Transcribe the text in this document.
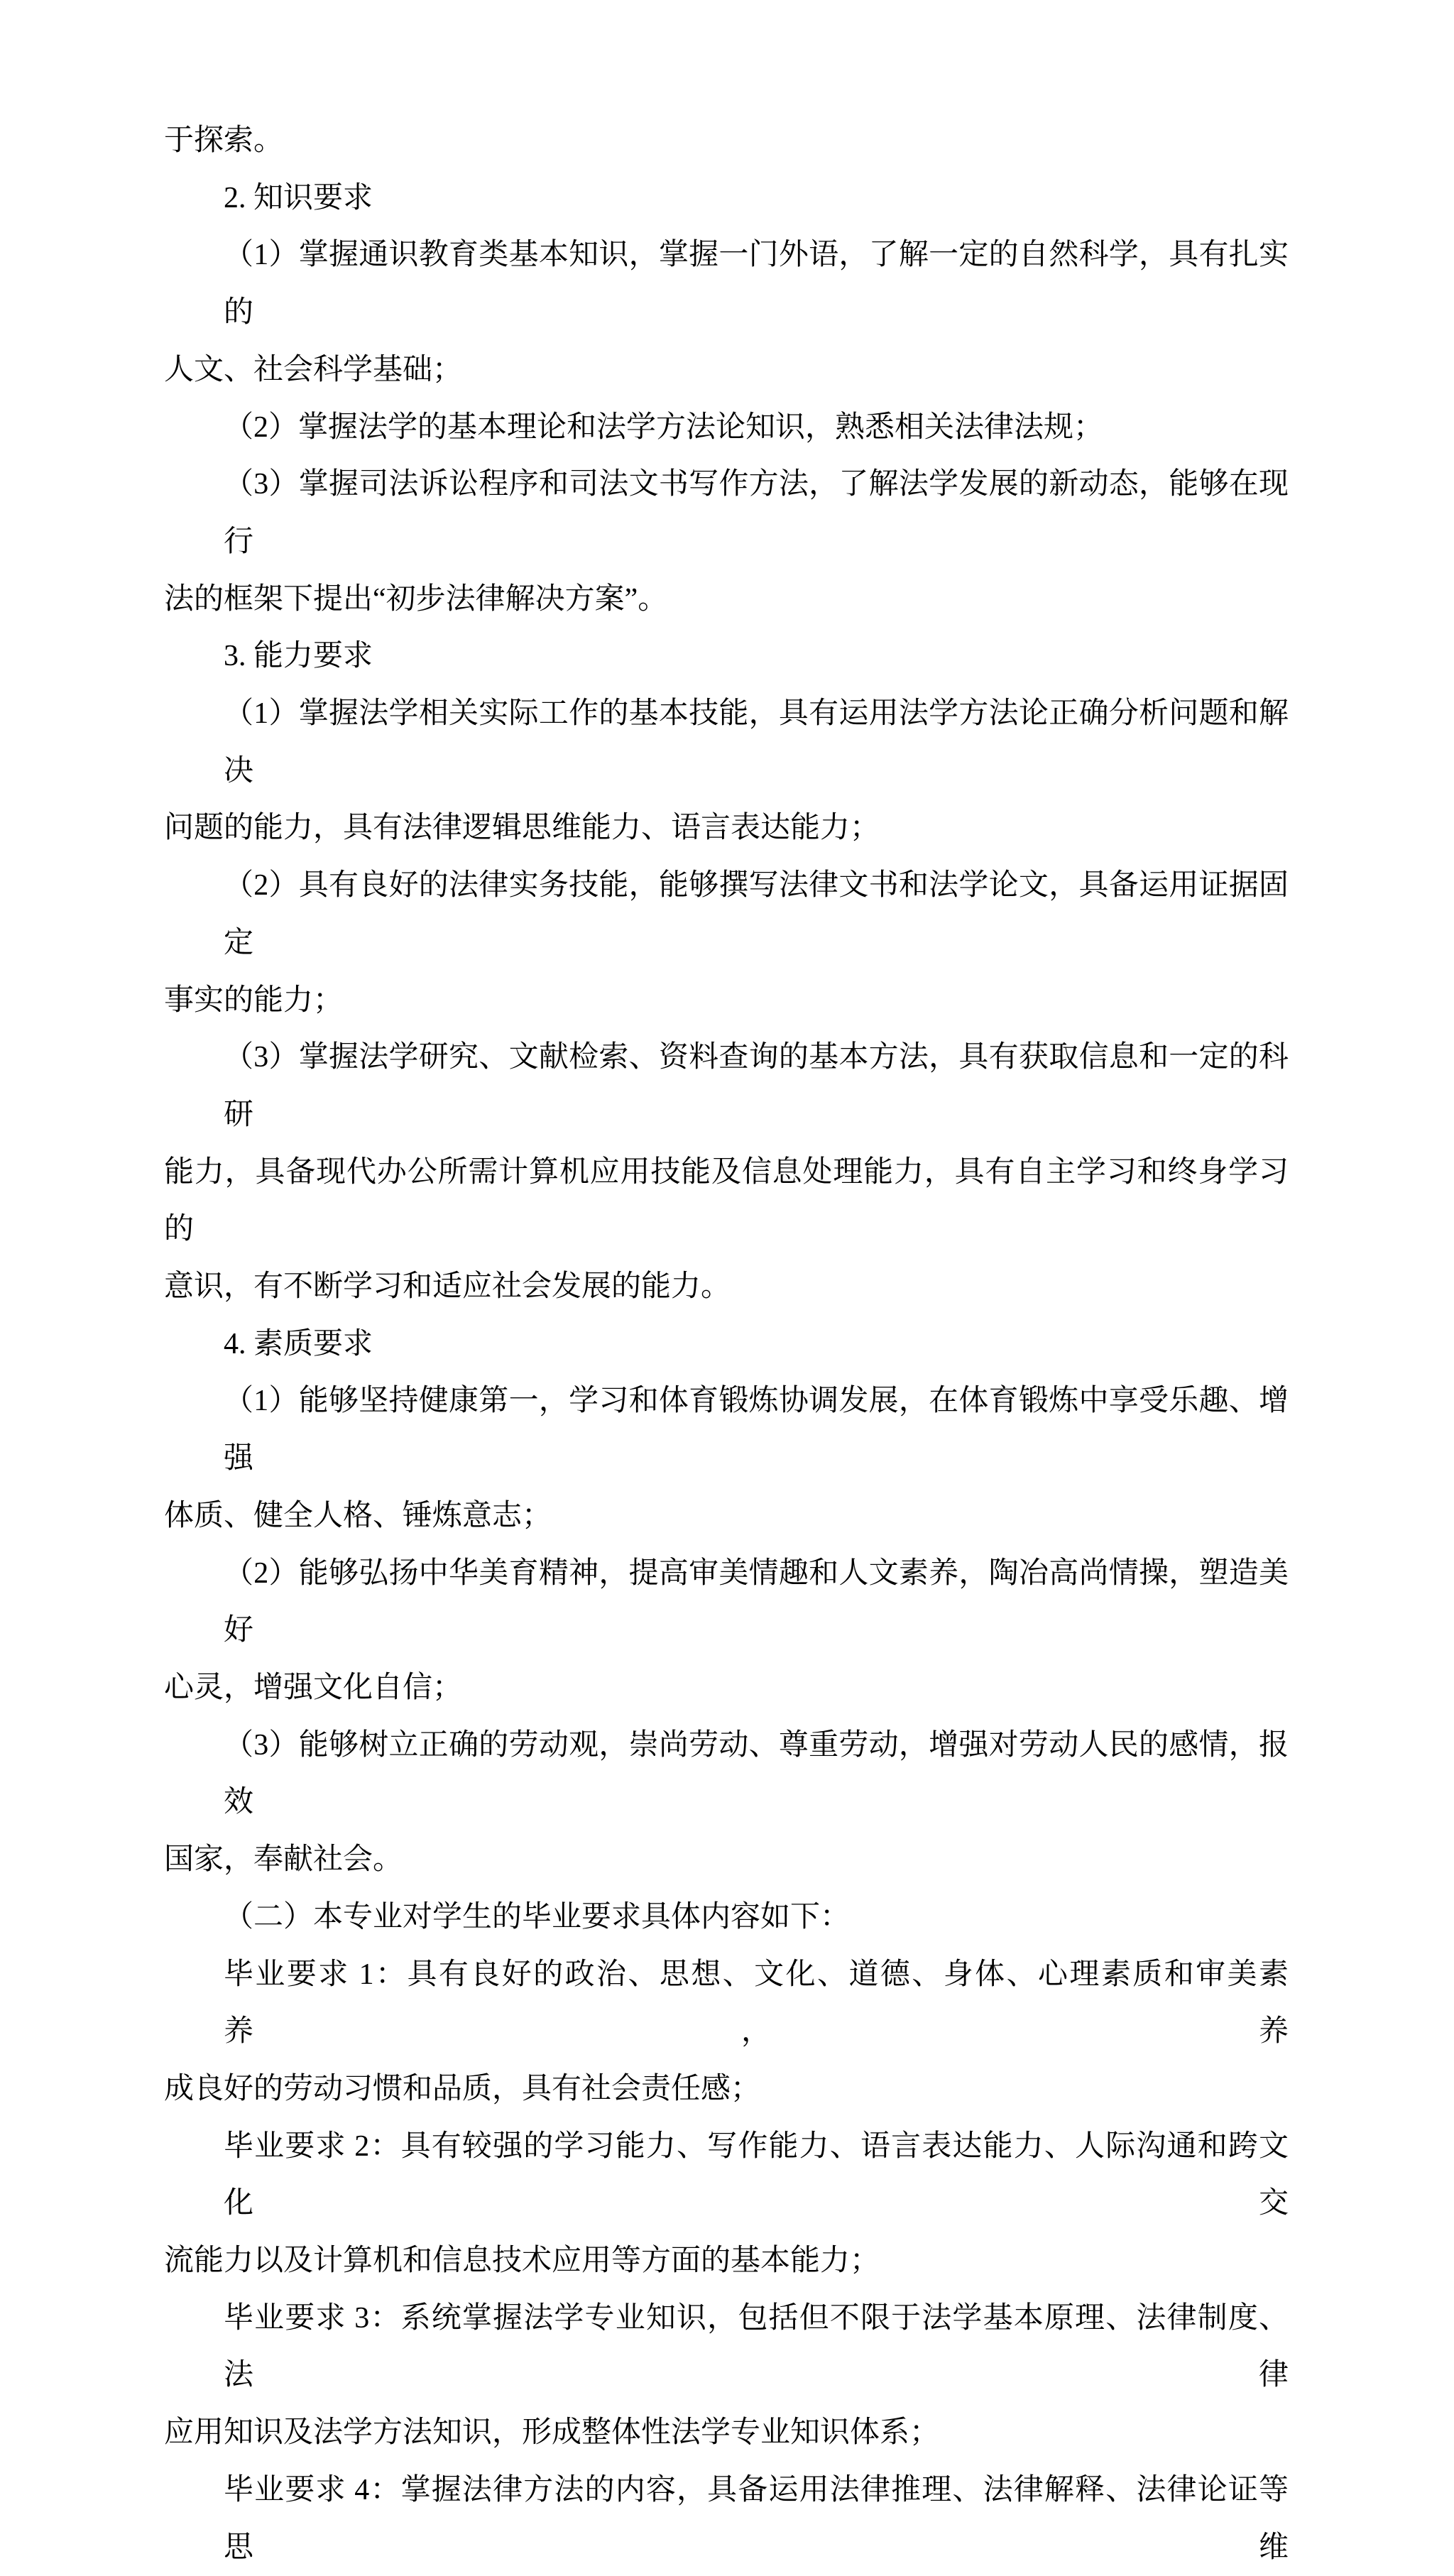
于探索。
2. 知识要求
（1）掌握通识教育类基本知识，掌握一门外语，了解一定的自然科学，具有扎实的
人文、社会科学基础；
（2）掌握法学的基本理论和法学方法论知识，熟悉相关法律法规；
（3）掌握司法诉讼程序和司法文书写作方法，了解法学发展的新动态，能够在现行
法的框架下提出“初步法律解决方案”。
3. 能力要求
（1）掌握法学相关实际工作的基本技能，具有运用法学方法论正确分析问题和解决
问题的能力，具有法律逻辑思维能力、语言表达能力；
（2）具有良好的法律实务技能，能够撰写法律文书和法学论文，具备运用证据固定
事实的能力；
（3）掌握法学研究、文献检索、资料查询的基本方法，具有获取信息和一定的科研
能力，具备现代办公所需计算机应用技能及信息处理能力，具有自主学习和终身学习的
意识，有不断学习和适应社会发展的能力。
4. 素质要求
（1）能够坚持健康第一，学习和体育锻炼协调发展，在体育锻炼中享受乐趣、增强
体质、健全人格、锤炼意志；
（2）能够弘扬中华美育精神，提高审美情趣和人文素养，陶冶高尚情操，塑造美好
心灵，增强文化自信；
（3）能够树立正确的劳动观，崇尚劳动、尊重劳动，增强对劳动人民的感情，报效
国家，奉献社会。
（二）本专业对学生的毕业要求具体内容如下：
毕业要求 1：具有良好的政治、思想、文化、道德、身体、心理素质和审美素养，养
成良好的劳动习惯和品质，具有社会责任感；
毕业要求 2：具有较强的学习能力、写作能力、语言表达能力、人际沟通和跨文化交
流能力以及计算机和信息技术应用等方面的基本能力；
毕业要求 3：系统掌握法学专业知识，包括但不限于法学基本原理、法律制度、法律
应用知识及法学方法知识，形成整体性法学专业知识体系；
毕业要求 4：掌握法律方法的内容，具备运用法律推理、法律解释、法律论证等思维
